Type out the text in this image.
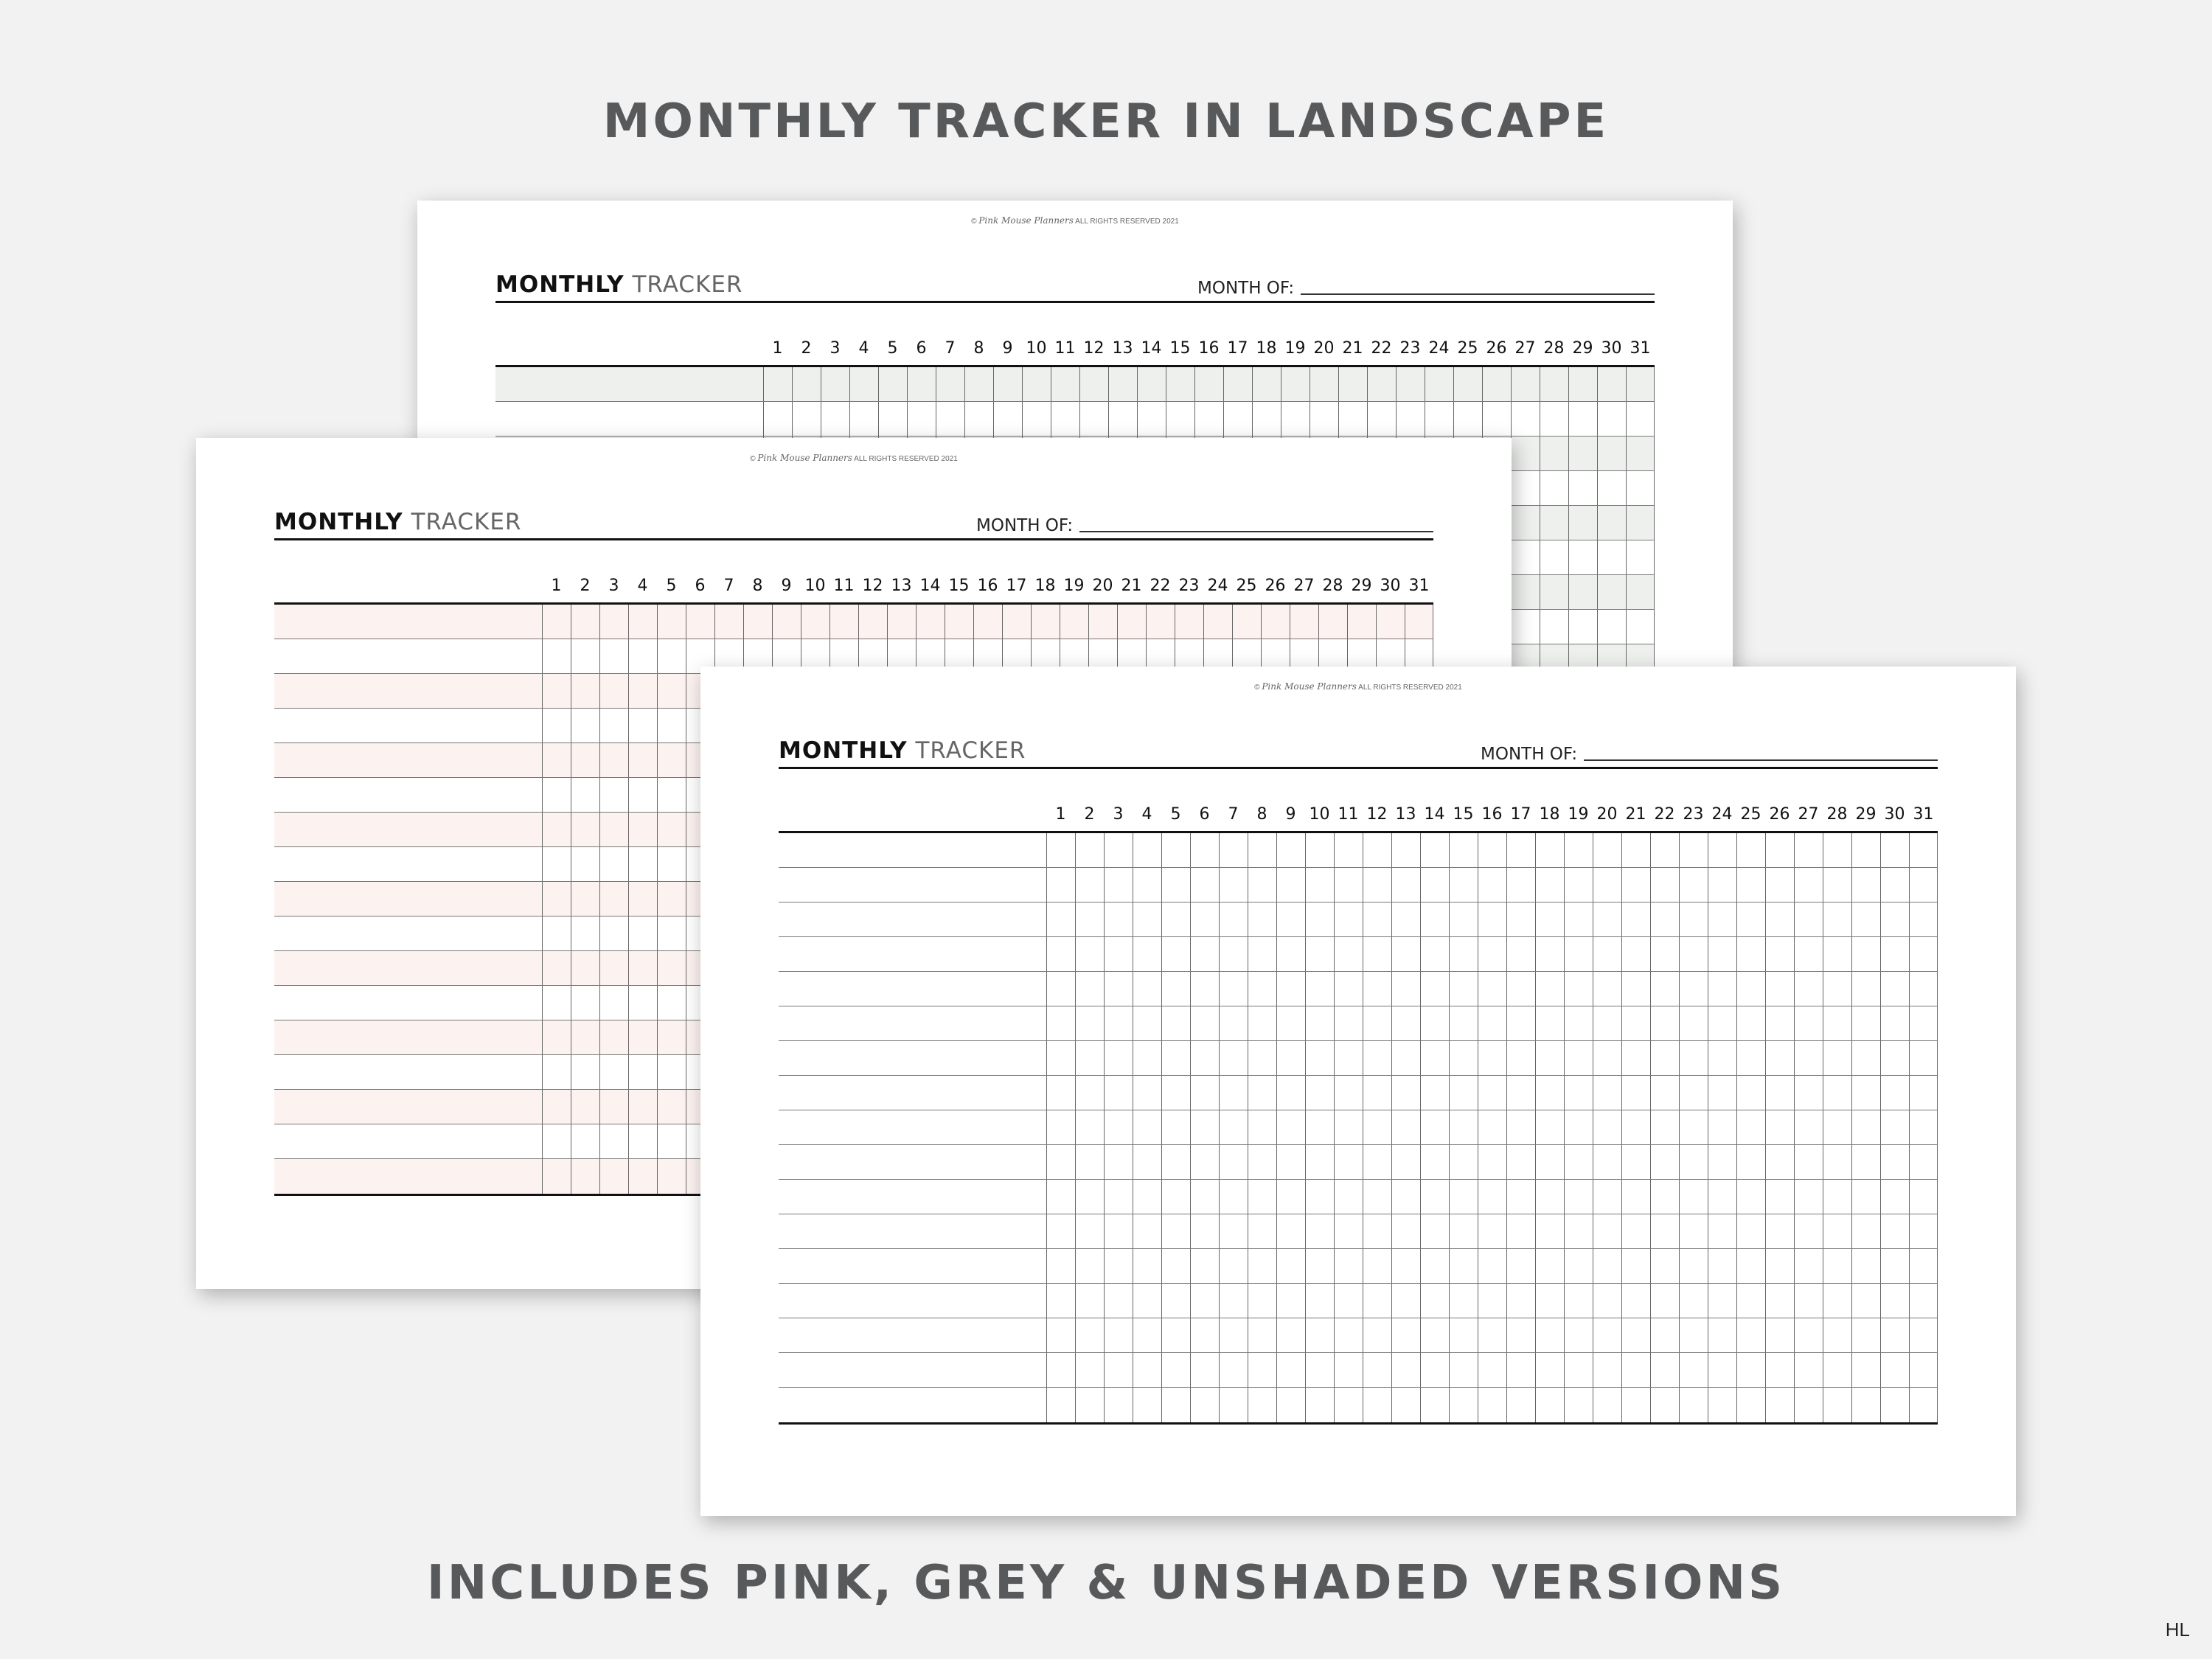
MONTHLY TRACKER IN LANDSCAPE
© Pink Mouse Planners ALL RIGHTS RESERVED 2021
MONTHLY TRACKER	MONTH OF:
1	2	3	4	5	6	7	8	9 10 11 12 13 14 15 16 17 18 19 20 21 22 23 24 25 26 27 28 29 30 31
© Pink Mouse Planners ALL RIGHTS RESERVED 2021
MONTHLY TRACKER	MONTH OF:
1	2	3	4	5	6	7	8	9 10 11 12 13 14 15 16 17 18 19 20 21 22 23 24 25 26 27 28 29 30 31
© Pink Mouse Planners ALL RIGHTS RESERVED 2021
MONTHLY TRACKER	MONTH OF:
1	2	3	4	5	6	7	8	9 10 11 12 13 14 15 16 17 18 19 20 21 22 23 24 25 26 27 28 29 30 31
INCLUDES PINK, GREY & UNSHADED VERSIONS
HL
